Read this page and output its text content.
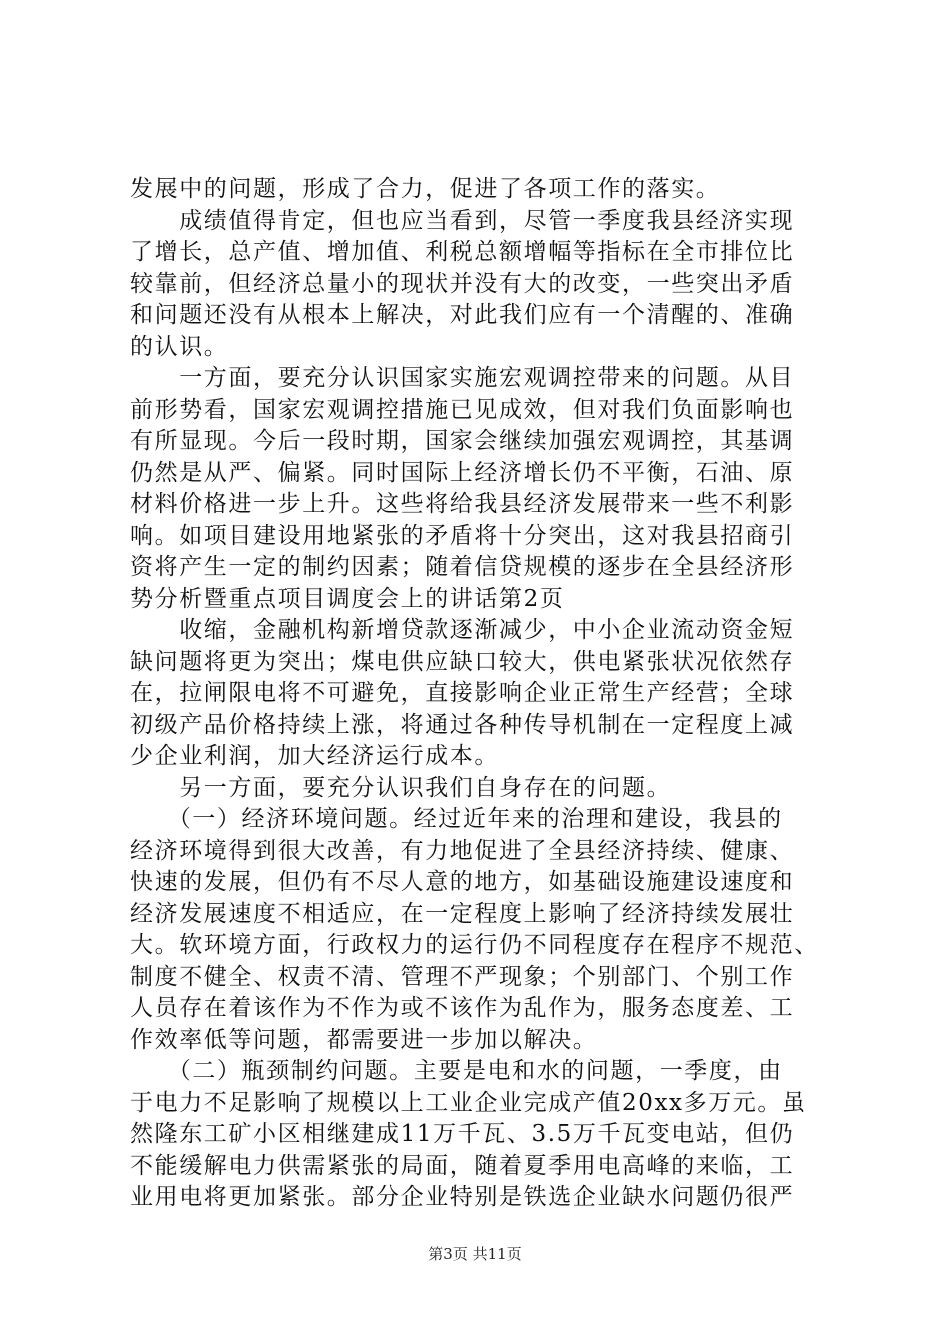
发展中的问题，形成了合力，促进了各项工作的落实。
　　成绩值得肯定，但也应当看到，尽管一季度我县经济实现
了增长，总产值、增加值、利税总额增幅等指标在全市排位比
较靠前，但经济总量小的现状并没有大的改变，一些突出矛盾
和问题还没有从根本上解决，对此我们应有一个清醒的、准确
的认识。
　　一方面，要充分认识国家实施宏观调控带来的问题。从目
前形势看，国家宏观调控措施已见成效，但对我们负面影响也
有所显现。今后一段时期，国家会继续加强宏观调控，其基调
仍然是从严、偏紧。同时国际上经济增长仍不平衡，石油、原
材料价格进一步上升。这些将给我县经济发展带来一些不利影
响。如项目建设用地紧张的矛盾将十分突出，这对我县招商引
资将产生一定的制约因素；随着信贷规模的逐步在全县经济形
势分析暨重点项目调度会上的讲话第2页
　　收缩，金融机构新增贷款逐渐减少，中小企业流动资金短
缺问题将更为突出；煤电供应缺口较大，供电紧张状况依然存
在，拉闸限电将不可避免，直接影响企业正常生产经营；全球
初级产品价格持续上涨，将通过各种传导机制在一定程度上减
少企业利润，加大经济运行成本。
　　另一方面，要充分认识我们自身存在的问题。
　　（一）经济环境问题。经过近年来的治理和建设，我县的
经济环境得到很大改善，有力地促进了全县经济持续、健康、
快速的发展，但仍有不尽人意的地方，如基础设施建设速度和
经济发展速度不相适应，在一定程度上影响了经济持续发展壮
大。软环境方面，行政权力的运行仍不同程度存在程序不规范、
制度不健全、权责不清、管理不严现象；个别部门、个别工作
人员存在着该作为不作为或不该作为乱作为，服务态度差、工
作效率低等问题，都需要进一步加以解决。
　　（二）瓶颈制约问题。主要是电和水的问题，一季度，由
于电力不足影响了规模以上工业企业完成产值20xx多万元。虽
然隆东工矿小区相继建成11万千瓦、3.5万千瓦变电站，但仍
不能缓解电力供需紧张的局面，随着夏季用电高峰的来临，工
业用电将更加紧张。部分企业特别是铁选企业缺水问题仍很严
第3页 共11页
